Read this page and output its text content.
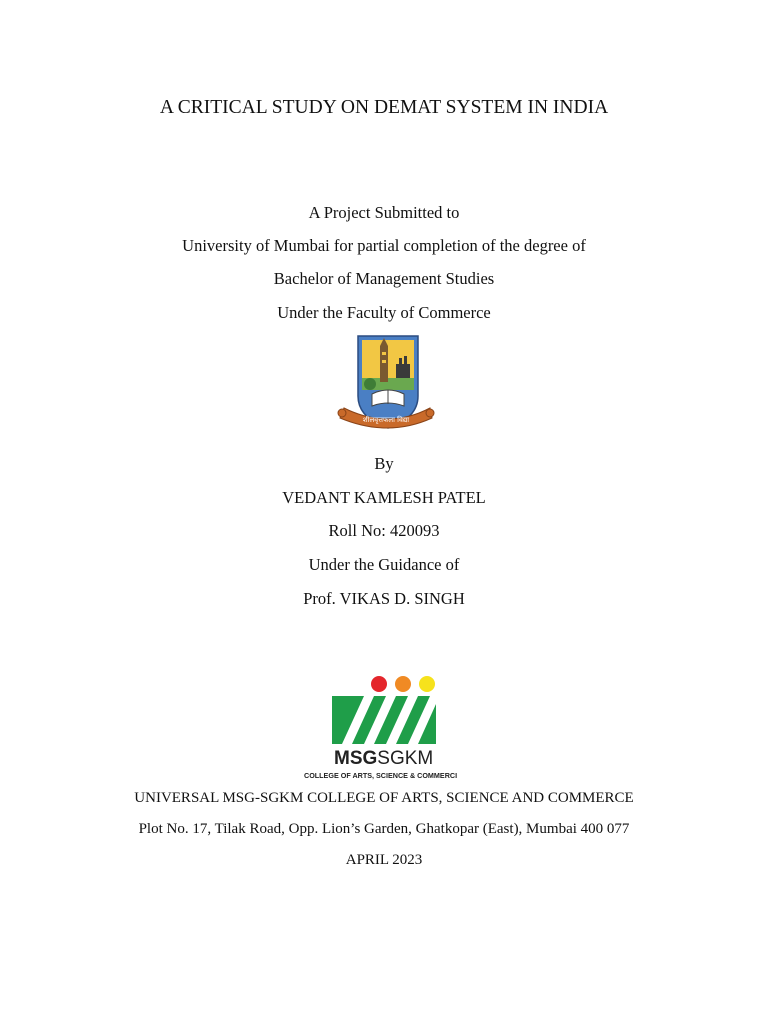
A CRITICAL STUDY ON DEMAT SYSTEM IN INDIA
A Project Submitted to
University of Mumbai for partial completion of the degree of
Bachelor of Management Studies
Under the Faculty of Commerce
शीलवृत्तफला विद्या
By
VEDANT KAMLESH PATEL
Roll No: 420093
Under the Guidance of
Prof. VIKAS D. SINGH
MSGSGKM
COLLEGE OF ARTS, SCIENCE & COMMERCI
UNIVERSAL MSG-SGKM COLLEGE OF ARTS, SCIENCE AND COMMERCE
Plot No. 17, Tilak Road, Opp. Lion’s Garden, Ghatkopar (East), Mumbai 400 077
APRIL 2023
